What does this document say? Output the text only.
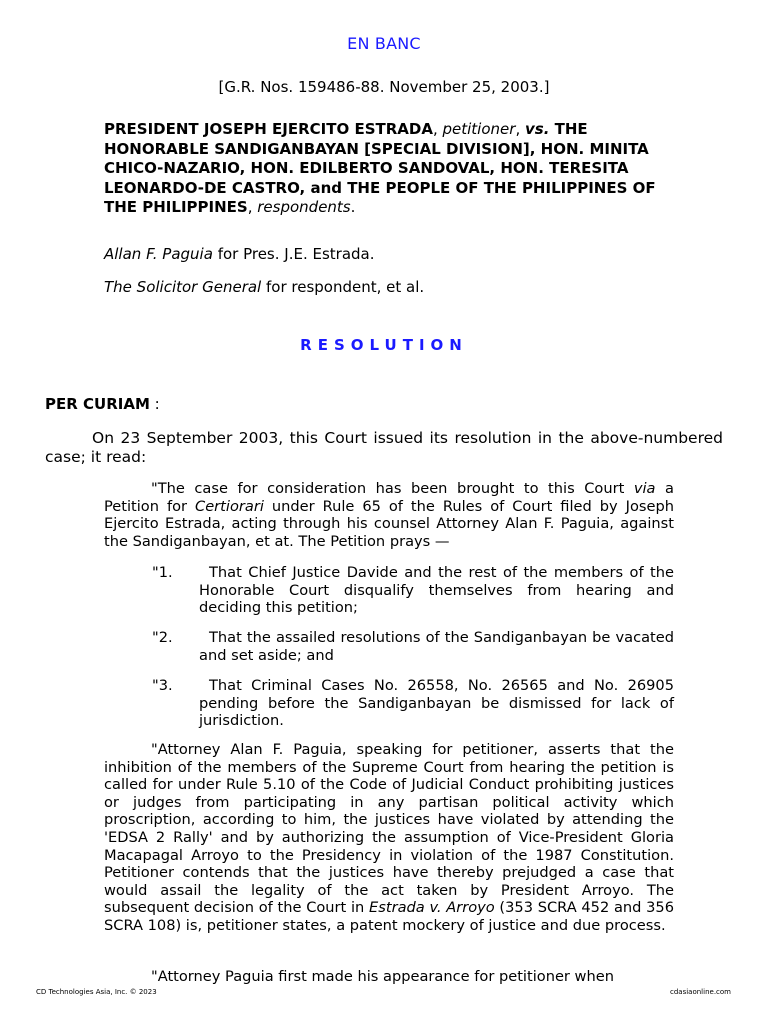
EN BANC
[G.R. Nos. 159486-88. November 25, 2003.]
PRESIDENT JOSEPH EJERCITO ESTRADA, petitioner, vs. THE HONORABLE SANDIGANBAYAN [SPECIAL DIVISION], HON. MINITA CHICO-NAZARIO, HON. EDILBERTO SANDOVAL, HON. TERESITA LEONARDO-DE CASTRO, and THE PEOPLE OF THE PHILIPPINES OF THE PHILIPPINES, respondents.
Allan F. Paguia for Pres. J.E. Estrada.
The Solicitor General for respondent, et al.
RESOLUTION
PER CURIAM :
On 23 September 2003, this Court issued its resolution in the above-numbered case; it read:
"The case for consideration has been brought to this Court via a Petition for Certiorari under Rule 65 of the Rules of Court filed by Joseph Ejercito Estrada, acting through his counsel Attorney Alan F. Paguia, against the Sandiganbayan, et at. The Petition prays —
"1.	That Chief Justice Davide and the rest of the members of the Honorable Court disqualify themselves from hearing and deciding this petition;
"2.	That the assailed resolutions of the Sandiganbayan be vacated and set aside; and
"3.	That Criminal Cases No. 26558, No. 26565 and No. 26905 pending before the Sandiganbayan be dismissed for lack of jurisdiction.
"Attorney Alan F. Paguia, speaking for petitioner, asserts that the inhibition of the members of the Supreme Court from hearing the petition is called for under Rule 5.10 of the Code of Judicial Conduct prohibiting justices or judges from participating in any partisan political activity which proscription, according to him, the justices have violated by attending the 'EDSA 2 Rally' and by authorizing the assumption of Vice-President Gloria Macapagal Arroyo to the Presidency in violation of the 1987 Constitution. Petitioner contends that the justices have thereby prejudged a case that would assail the legality of the act taken by President Arroyo. The subsequent decision of the Court in Estrada v. Arroyo (353 SCRA 452 and 356 SCRA 108) is, petitioner states, a patent mockery of justice and due process.
"Attorney Paguia first made his appearance for petitioner when
CD Technologies Asia, Inc. © 2023	cdasiaonline.com
